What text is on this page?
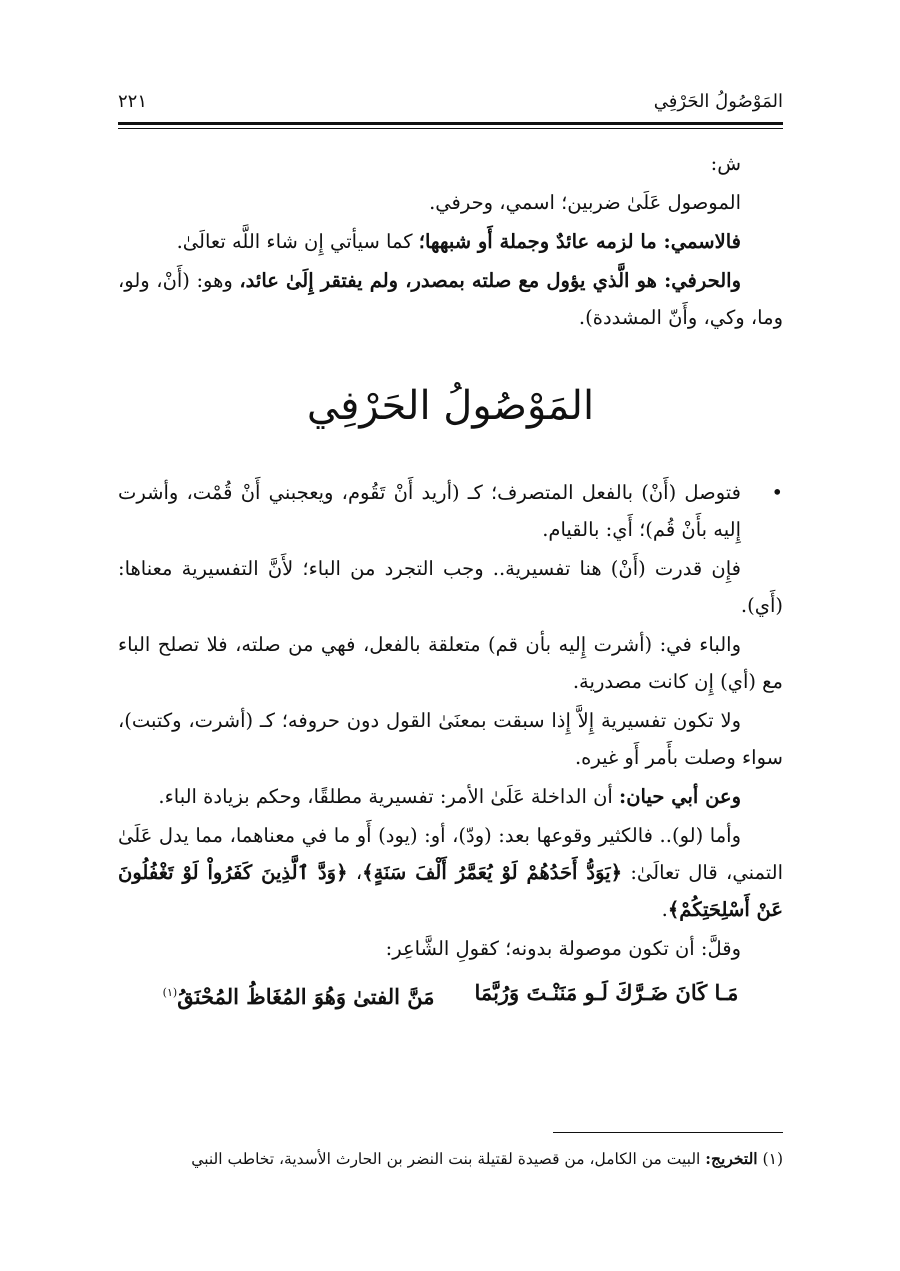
المَوْصُولُ الحَرْفِي
٢٢١

ش:

الموصول عَلَىٰ ضربين؛ اسمي، وحرفي.

فالاسمي: ما لزمه عائدٌ وجملة أَو شبهها؛ كما سيأتي إِن شاء اللَّه تعالَىٰ.

والحرفي: هو الَّذي يؤول مع صلته بمصدر، ولم يفتقر إِلَىٰ عائد، وهو: (أَنْ، ولو، وما، وكي، وأَنّ المشددة).

المَوْصُولُ الحَرْفِي

•
فتوصل (أَنْ) بالفعل المتصرف؛ كـ (أريد أَنْ تَقُوم، ويعجبني أَنْ قُمْت، وأشرت إِليه بأَنْ قُم)؛ أَي: بالقيام.

فإِن قدرت (أَنْ) هنا تفسيرية.. وجب التجرد من الباء؛ لأَنَّ التفسيرية معناها: (أَي).

والباء في: (أشرت إِليه بأن قم) متعلقة بالفعل، فهي من صلته، فلا تصلح الباء مع (أي) إِن كانت مصدرية.

ولا تكون تفسيرية إِلاَّ إِذا سبقت بمعنَىٰ القول دون حروفه؛ كـ (أشرت، وكتبت)، سواء وصلت بأَمر أَو غيره.

وعن أبي حيان: أن الداخلة عَلَىٰ الأمر: تفسيرية مطلقًا، وحكم بزيادة الباء.

وأما (لو).. فالكثير وقوعها بعد: (ودّ)، أو: (يود) أَو ما في معناهما، مما يدل عَلَىٰ التمني، قال تعالَىٰ: ﴿يَوَدُّ أَحَدُهُمْ لَوْ يُعَمَّرُ أَلْفَ سَنَةٍ﴾، ﴿وَدَّ ٱلَّذِينَ كَفَرُواْ لَوْ تَغْفُلُونَ عَنْ أَسْلِحَتِكُمْ﴾.

وقلَّ: أن تكون موصولة بدونه؛ كقولِ الشَّاعِر:

مَـا كَانَ ضَـرَّكَ لَـو مَنَنْـتَ وَرُبَّمَا
مَنَّ الفتىٰ وَهُوَ المُغَاظُ المُحْنَقُ$^{(١)}$
(١) التخريج: البيت من الكامل، من قصيدة لقتيلة بنت النضر بن الحارث الأسدية، تخاطب النبي
